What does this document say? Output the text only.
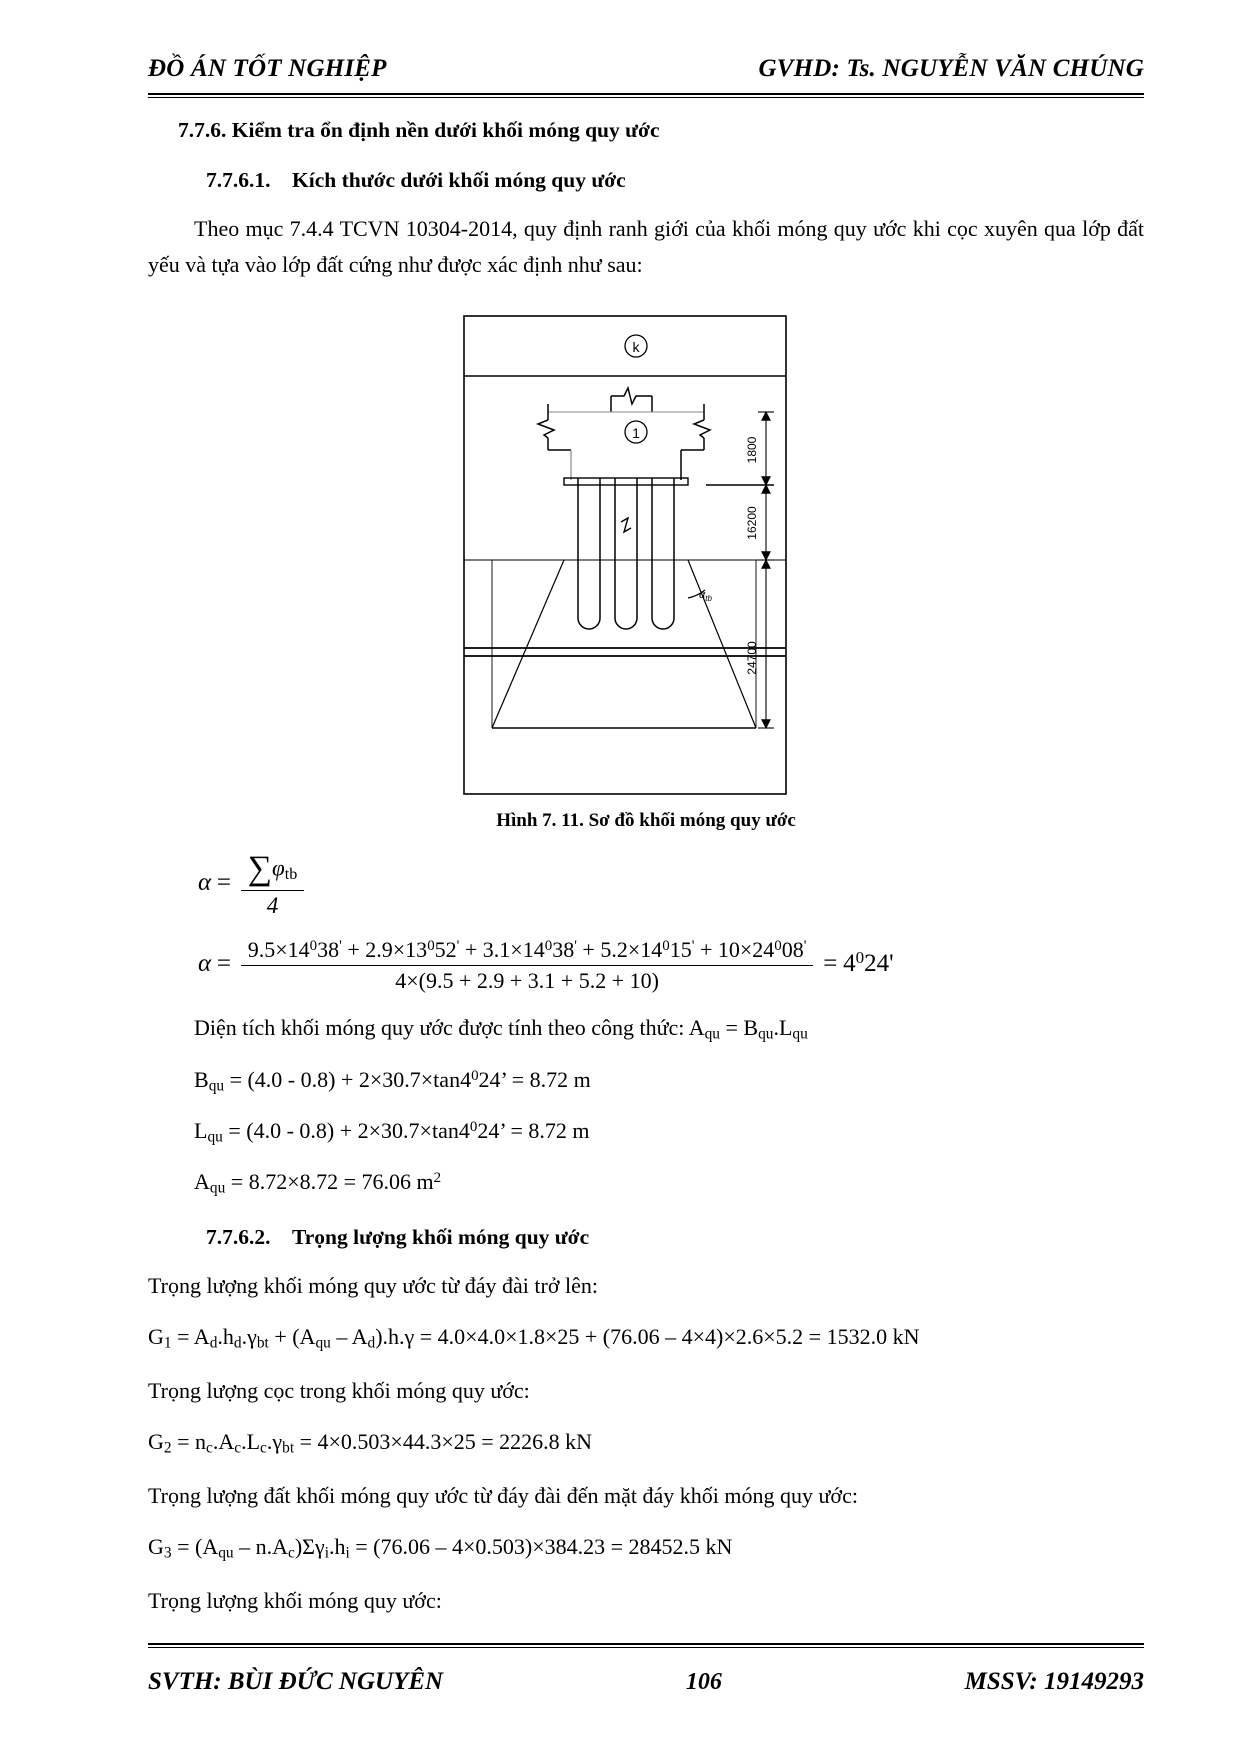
ĐỒ ÁN TỐT NGHIỆP	GVHD: Ts. NGUYỄN VĂN CHÚNG
7.7.6. Kiểm tra ổn định nền dưới khối móng quy ước
7.7.6.1. Kích thước dưới khối móng quy ước

Theo mục 7.4.4 TCVN 10304-2014, quy định ranh giới của khối móng quy ước khi cọc xuyên qua lớp đất yếu và tựa vào lớp đất cứng như được xác định như sau:

k
1
$\alpha_{tb}$
1800
16200
24700
Hình 7. 11. Sơ đồ khối móng quy ước
$\alpha = \frac{\sum\varphi_{tb}}{4}$
α =
$9.5\times 14^038' + 2.9\times 13^052' + 3.1\times 14^038' + 5.2\times 14^015' + 10\times 24^008'$
4×(9.5 + 2.9 + 3.1 + 5.2 + 10)
= $4^024'$

Diện tích khối móng quy ước được tính theo công thức: $A_{qu} = B_{qu}.L_{qu}$

$B_{qu} = (4.0 - 0.8) + 2\times 30.7\times\tan 4^024$’ = 8.72 m

$L_{qu} = (4.0 - 0.8) + 2\times 30.7\times\tan 4^024$’ = 8.72 m

$A_{qu} = 8.72\times 8.72 = 76.06$ $m^2$

7.7.6.2. Trọng lượng khối móng quy ước

Trọng lượng khối móng quy ước từ đáy đài trở lên:

$G_1 = A_d.h_d.\gamma_{bt} + (A_{qu} - A_d).h.\gamma = 4.0\times 4.0\times 1.8\times 25 + (76.06 - 4\times 4)\times 2.6\times 5.2 = 1532.0$ kN

Trọng lượng cọc trong khối móng quy ước:

$G_2 = n_c.A_c.L_c.\gamma_{bt} = 4\times 0.503\times 44.3\times 25 = 2226.8$ kN

Trọng lượng đất khối móng quy ước từ đáy đài đến mặt đáy khối móng quy ước:

$G_3 = (A_{qu} - n.A_c)\Sigma\gamma_i.h_i = (76.06 - 4\times 0.503)\times 384.23 = 28452.5$ kN

Trọng lượng khối móng quy ước:

SVTH: BÙI ĐỨC NGUYÊN	106	MSSV: 19149293
